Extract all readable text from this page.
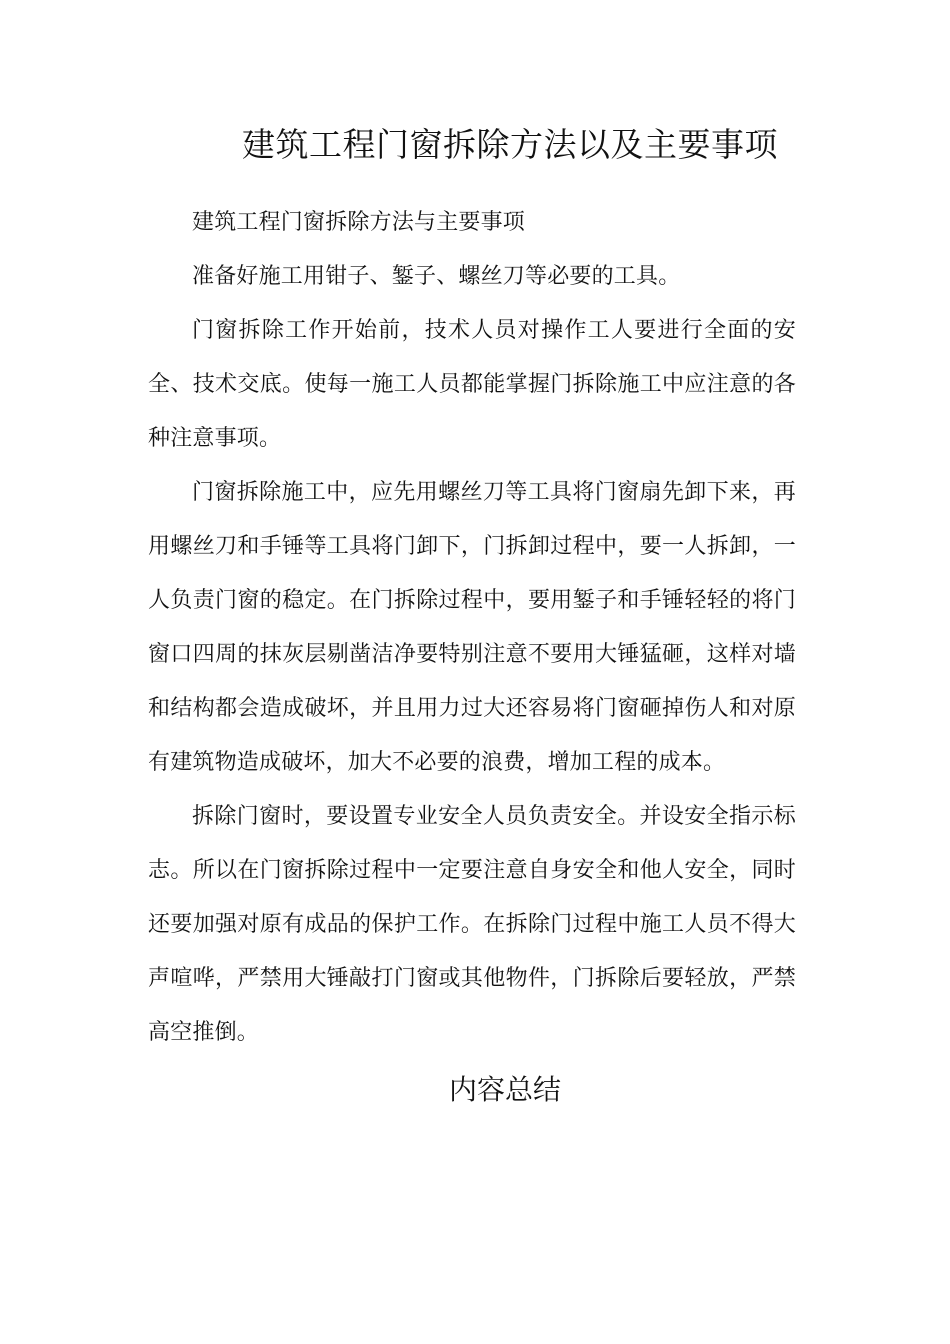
建筑工程门窗拆除方法以及主要事项

建筑工程门窗拆除方法与主要事项

准备好施工用钳子、錾子、螺丝刀等必要的工具。

门窗拆除工作开始前，技术人员对操作工人要进行全面的安全、技术交底。使每一施工人员都能掌握门拆除施工中应注意的各种注意事项。

门窗拆除施工中，应先用螺丝刀等工具将门窗扇先卸下来，再用螺丝刀和手锤等工具将门卸下，门拆卸过程中，要一人拆卸，一人负责门窗的稳定。在门拆除过程中，要用錾子和手锤轻轻的将门窗口四周的抹灰层剔凿洁净要特别注意不要用大锤猛砸，这样对墙和结构都会造成破坏，并且用力过大还容易将门窗砸掉伤人和对原有建筑物造成破坏，加大不必要的浪费，增加工程的成本。

拆除门窗时，要设置专业安全人员负责安全。并设安全指示标志。所以在门窗拆除过程中一定要注意自身安全和他人安全，同时还要加强对原有成品的保护工作。在拆除门过程中施工人员不得大声喧哗，严禁用大锤敲打门窗或其他物件，门拆除后要轻放，严禁高空推倒。

内容总结
